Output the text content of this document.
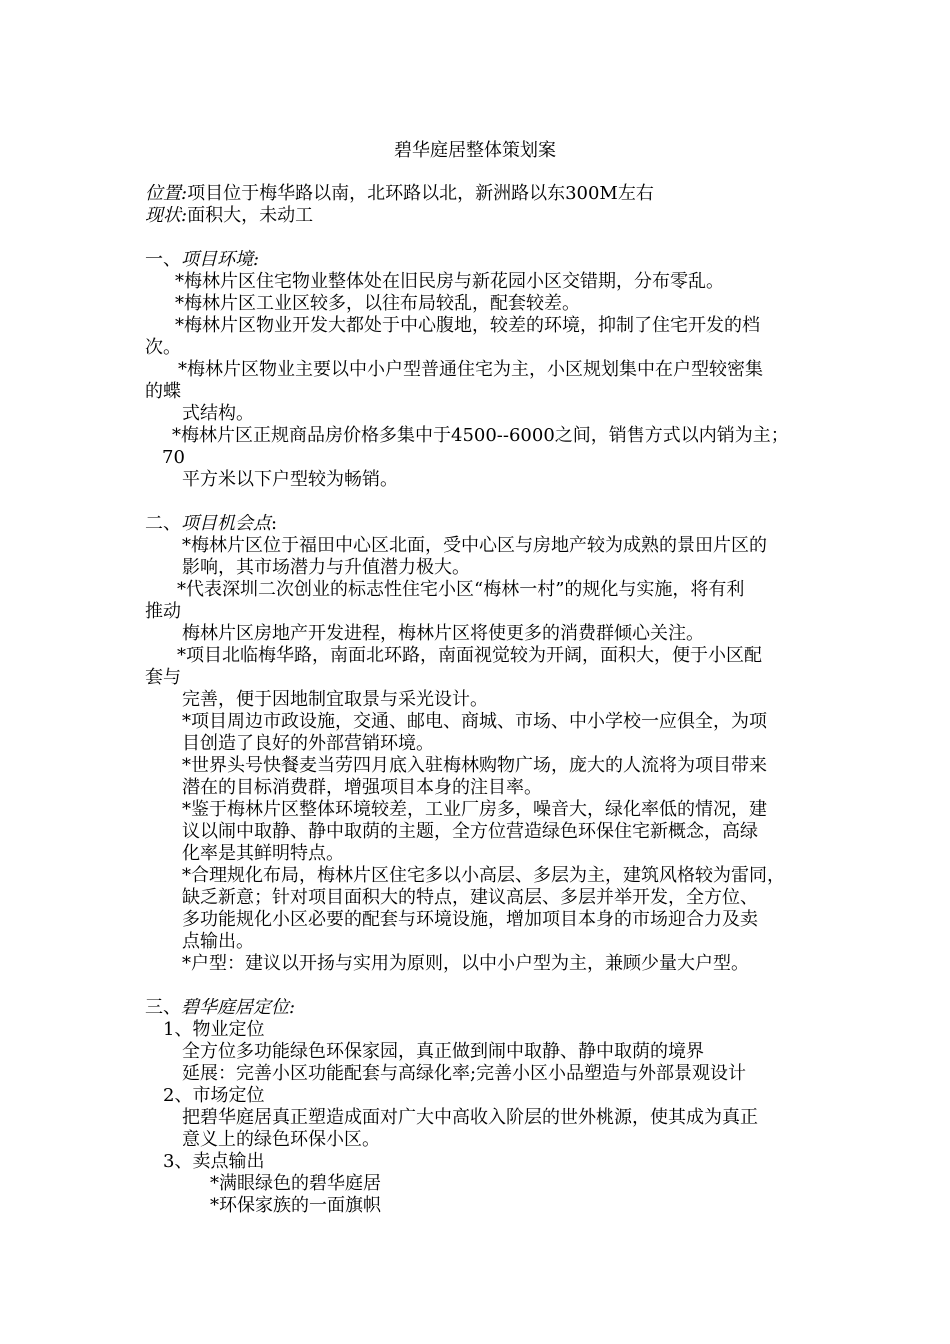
碧华庭居整体策划案
位置:项目位于梅华路以南，北环路以北，新洲路以东300M左右
现状:面积大，未动工
一、项目环境:
*梅林片区住宅物业整体处在旧民房与新花园小区交错期，分布零乱。
*梅林片区工业区较多，以往布局较乱，配套较差。
*梅林片区物业开发大都处于中心腹地，较差的环境，抑制了住宅开发的档
次。
*梅林片区物业主要以中小户型普通住宅为主，小区规划集中在户型较密集
的蝶
式结构。
*梅林片区正规商品房价格多集中于4500--6000之间，销售方式以内销为主；
70
平方米以下户型较为畅销。
二、项目机会点:
*梅林片区位于福田中心区北面，受中心区与房地产较为成熟的景田片区的
影响，其市场潜力与升值潜力极大。
*代表深圳二次创业的标志性住宅小区“梅林一村”的规化与实施，将有利
推动
梅林片区房地产开发进程，梅林片区将使更多的消费群倾心关注。
*项目北临梅华路，南面北环路，南面视觉较为开阔，面积大，便于小区配
套与
完善，便于因地制宜取景与采光设计。
*项目周边市政设施，交通、邮电、商城、市场、中小学校一应俱全，为项
目创造了良好的外部营销环境。
*世界头号快餐麦当劳四月底入驻梅林购物广场，庞大的人流将为项目带来
潜在的目标消费群，增强项目本身的注目率。
*鉴于梅林片区整体环境较差，工业厂房多，噪音大，绿化率低的情况，建
议以闹中取静、静中取荫的主题，全方位营造绿色环保住宅新概念，高绿
化率是其鲜明特点。
*合理规化布局，梅林片区住宅多以小高层、多层为主，建筑风格较为雷同，
缺乏新意；针对项目面积大的特点，建议高层、多层并举开发，全方位、
多功能规化小区必要的配套与环境设施，增加项目本身的市场迎合力及卖
点输出。
*户型：建议以开扬与实用为原则，以中小户型为主，兼顾少量大户型。
三、碧华庭居定位:
1、物业定位
全方位多功能绿色环保家园，真正做到闹中取静、静中取荫的境界
延展：完善小区功能配套与高绿化率;完善小区小品塑造与外部景观设计
2、市场定位
把碧华庭居真正塑造成面对广大中高收入阶层的世外桃源，使其成为真正
意义上的绿色环保小区。
3、卖点输出
*满眼绿色的碧华庭居
*环保家族的一面旗帜
